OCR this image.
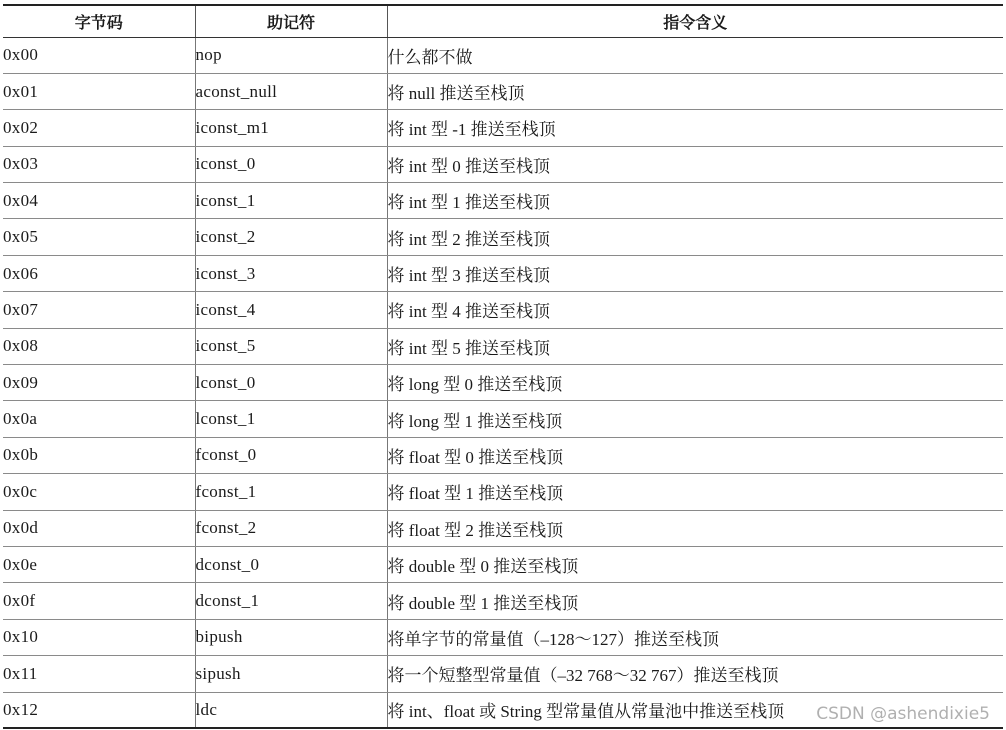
字节码	助记符	指令含义
0x00	nop	什么都不做
0x01	aconst_null	将 null 推送至栈顶
0x02	iconst_m1	将 int 型 -1 推送至栈顶
0x03	iconst_0	将 int 型 0 推送至栈顶
0x04	iconst_1	将 int 型 1 推送至栈顶
0x05	iconst_2	将 int 型 2 推送至栈顶
0x06	iconst_3	将 int 型 3 推送至栈顶
0x07	iconst_4	将 int 型 4 推送至栈顶
0x08	iconst_5	将 int 型 5 推送至栈顶
0x09	lconst_0	将 long 型 0 推送至栈顶
0x0a	lconst_1	将 long 型 1 推送至栈顶
0x0b	fconst_0	将 float 型 0 推送至栈顶
0x0c	fconst_1	将 float 型 1 推送至栈顶
0x0d	fconst_2	将 float 型 2 推送至栈顶
0x0e	dconst_0	将 double 型 0 推送至栈顶
0x0f	dconst_1	将 double 型 1 推送至栈顶
0x10	bipush	将单字节的常量值（–128～127）推送至栈顶
0x11	sipush	将一个短整型常量值（–32 768～32 767）推送至栈顶
0x12	ldc	将 int、float 或 String 型常量值从常量池中推送至栈顶 CSDN @ashendixie5
